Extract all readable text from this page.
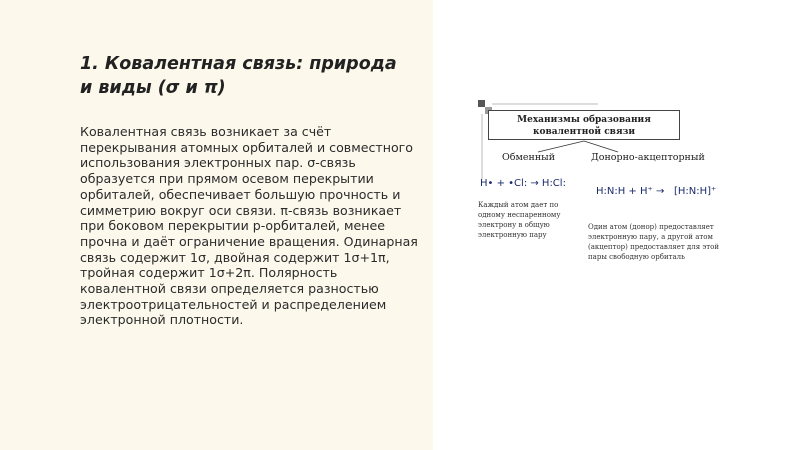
1. Ковалентная связь: природа и виды (σ и π)

Ковалентная связь возникает за счёт перекрывания атомных орбиталей и совместного использования электронных пар. σ-связь образуется при прямом осевом перекрытии орбиталей, обеспечивает большую прочность и симметрию вокруг оси связи. π-связь возникает при боковом перекрытии p-орбиталей, менее прочна и даёт ограничение вращения. Одинарная связь содержит 1σ, двойная содержит 1σ+1π, тройная содержит 1σ+2π. Полярность ковалентной связи определяется разностью электроотрицательностей и распределением электронной плотности.

Механизмы образования ковалентной связи
Обменный	Донорно-акцепторный
H• + •Cl: → H:Cl:
H:N:H + H⁺ → [H:N:H]⁺
Каждый атом дает по одному неспаренному электрону в общую электронную пару
Один атом (донор) предоставляет электронную пару, а другой атом (акцептор) предоставляет для этой пары свободную орбиталь
